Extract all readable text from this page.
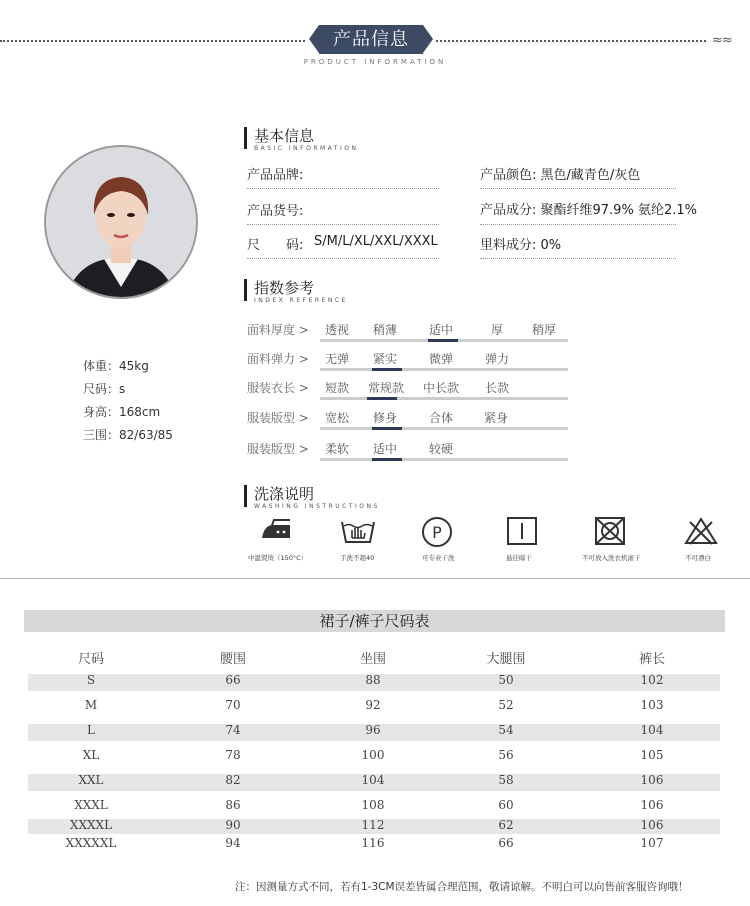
产品信息
PRODUCT INFORMATION
≈≈
体重：45kg
尺码：s
身高：168cm
三围：82/63/85
基本信息
BASIC INFORMATION
产品品牌:
产品货号:
尺　　码: S/M/L/XL/XXL/XXXL
产品颜色: 黑色/藏青色/灰色
产品成分: 聚酯纤维97.9% 氨纶2.1%
里料成分: 0%
指数参考
INDEX REFERENCE
面料厚度 > 透视 稍薄	适中	厚 稍厚
面料弹力 > 无弹 紧实	微弹	弹力
服装衣长 > 短款 常规款 中长款 长款
服装版型 > 宽松 修身	合体	紧身
服装版型 > 柔软 适中	较硬
洗涤说明
WASHING INSTRUCTIONS
P
中温熨烫（150°C）	手洗不超40	可专业干洗	悬挂晾干	不可放入洗衣机滚干	不可漂白
裙子/裤子尺码表
尺码	腰围	坐围	大腿围	裤长
S	66	88	50	102
M	70	92	52	103
L	74	96	54	104
XL	78	100	56	105
XXL	82	104	58	106
XXXL	86	108	60	106
XXXXL	90	112	62	106
XXXXXL	94	116	66	107
注：因测量方式不同，若有1-3CM误差皆属合理范围，敬请谅解。不明白可以向售前客服咨询哦！
